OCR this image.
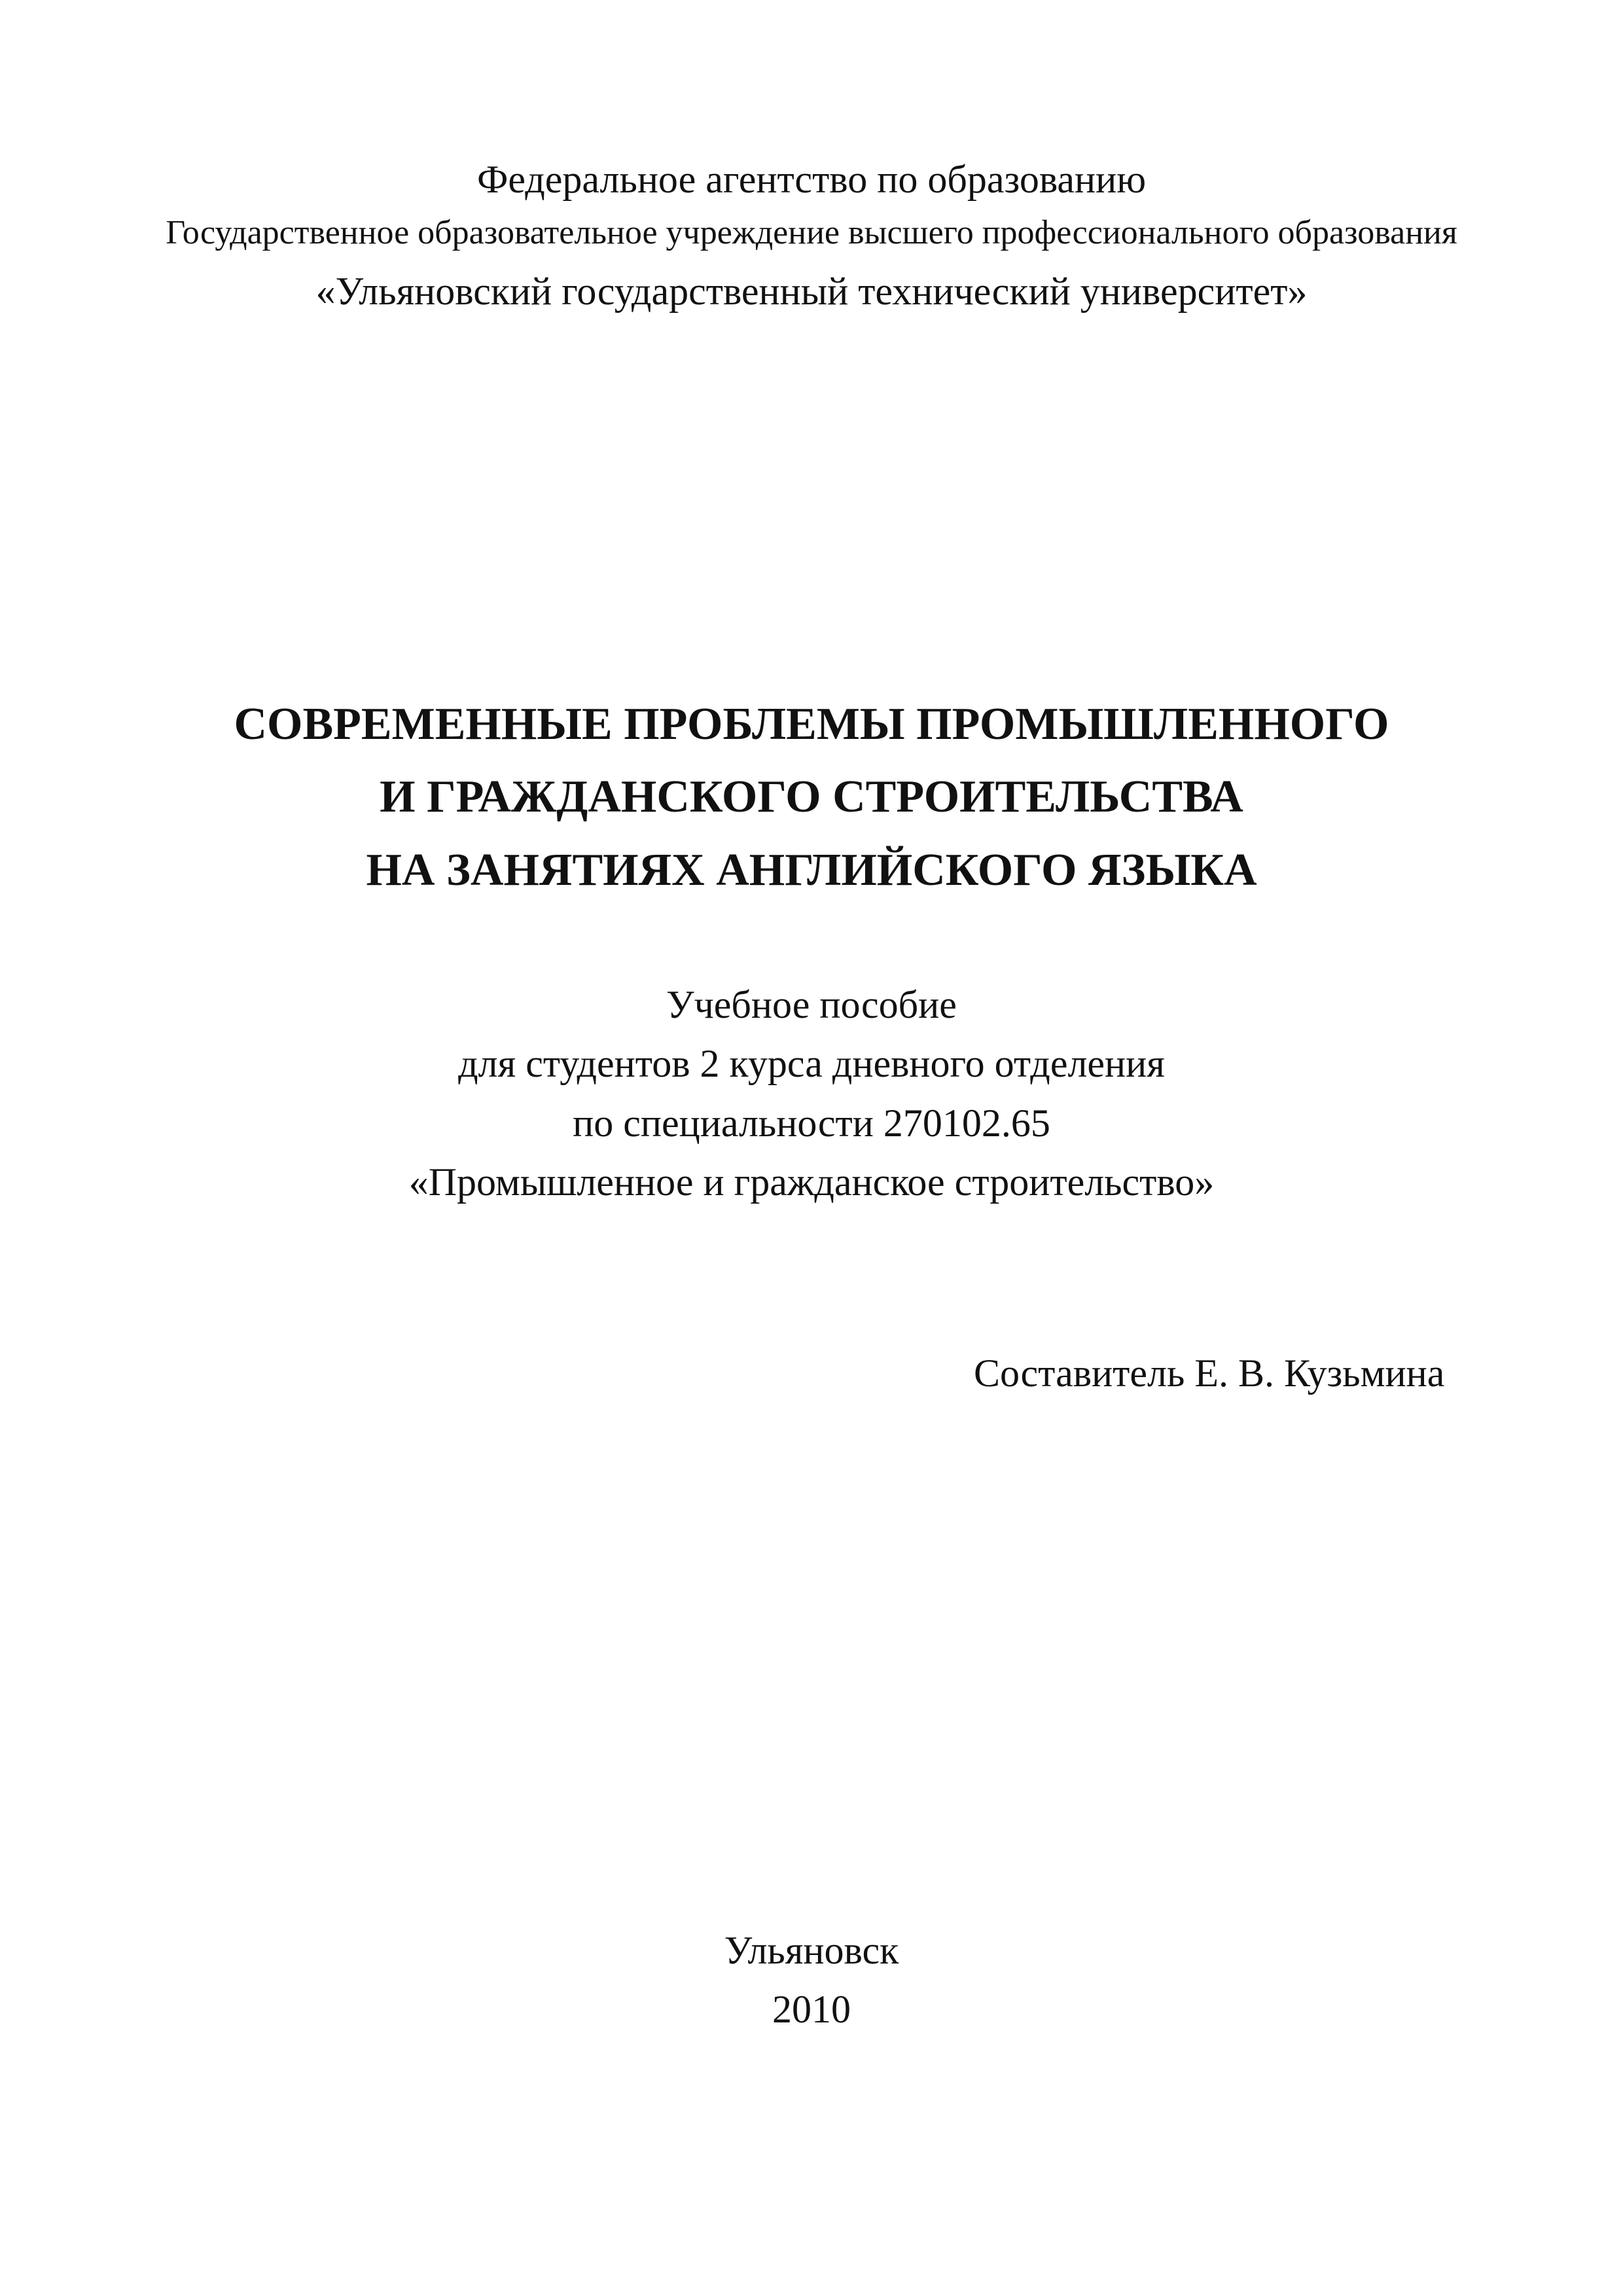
Федеральное агентство по образованию
Государственное образовательное учреждение высшего профессионального образования
«Ульяновский государственный технический университет»
СОВРЕМЕННЫЕ ПРОБЛЕМЫ ПРОМЫШЛЕННОГО
И ГРАЖДАНСКОГО СТРОИТЕЛЬСТВА
НА ЗАНЯТИЯХ АНГЛИЙСКОГО ЯЗЫКА
Учебное пособие
для студентов 2 курса дневного отделения
по специальности 270102.65
«Промышленное и гражданское строительство»
Составитель Е. В. Кузьмина
Ульяновск
2010
